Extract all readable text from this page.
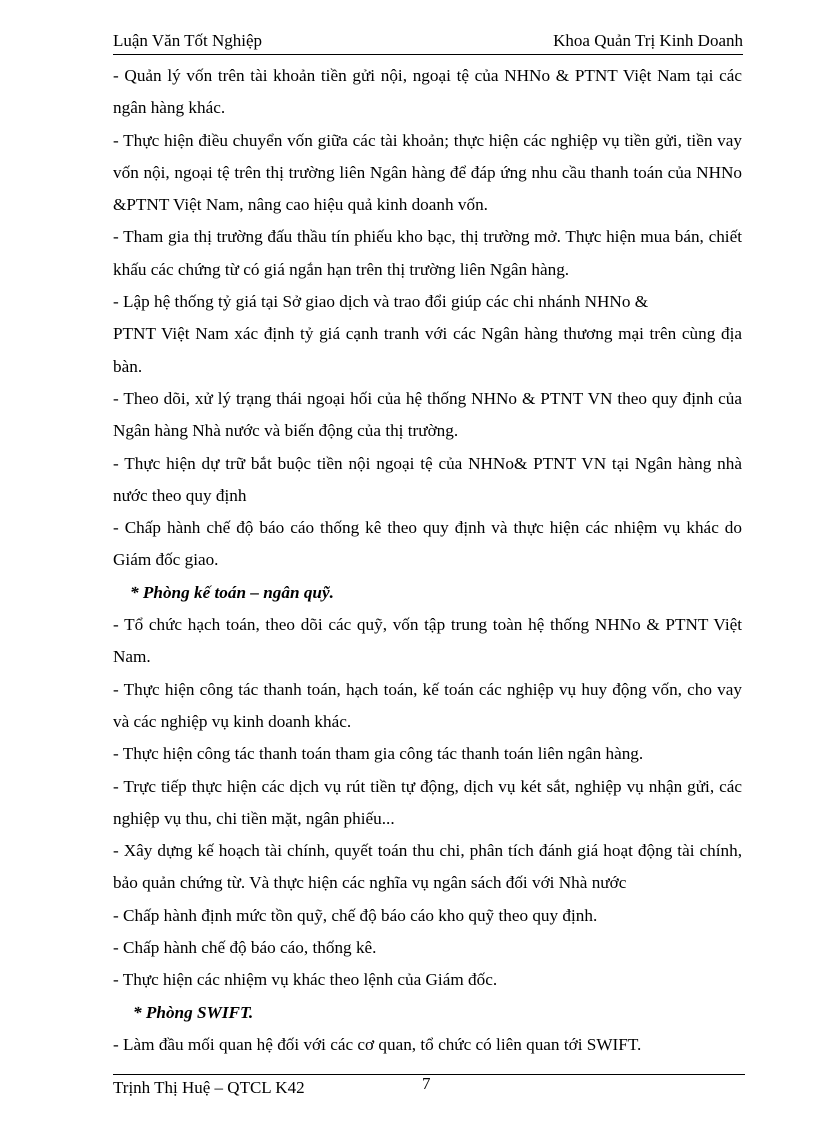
Luận Văn Tốt Nghiệp	Khoa Quản Trị Kinh Doanh

- Quản lý vốn trên tài khoản tiền gửi nội, ngoại tệ của NHNo & PTNT Việt Nam tại các ngân hàng khác.

- Thực hiện điều chuyển vốn giữa các tài khoản; thực hiện các nghiệp vụ tiền gửi, tiền vay vốn nội, ngoại tệ trên thị trường liên Ngân hàng để đáp ứng nhu cầu thanh toán của NHNo &PTNT Việt Nam, nâng cao hiệu quả kinh doanh vốn.

- Tham gia thị trường đấu thầu tín phiếu kho bạc, thị trường mở. Thực hiện mua bán, chiết khấu các chứng từ có giá ngắn hạn trên thị trường liên Ngân hàng.

- Lập hệ thống tỷ giá tại Sở giao dịch và trao đổi giúp các chi nhánh NHNo &

PTNT Việt Nam xác định tỷ giá cạnh tranh với các Ngân hàng thương mại trên cùng địa bàn.

- Theo dõi, xử lý trạng thái ngoại hối của hệ thống NHNo & PTNT VN theo quy định của Ngân hàng Nhà nước và biến động của thị trường.

- Thực hiện dự trữ bắt buộc tiền nội ngoại tệ của NHNo& PTNT VN tại Ngân hàng nhà nước theo quy định

- Chấp hành chế độ báo cáo thống kê theo quy định và thực hiện các nhiệm vụ khác do Giám đốc giao.

* Phòng kế toán – ngân quỹ.

- Tổ chức hạch toán, theo dõi các quỹ, vốn tập trung toàn hệ thống NHNo & PTNT Việt Nam.

- Thực hiện công tác thanh toán, hạch toán, kế toán các nghiệp vụ huy động vốn, cho vay và các nghiệp vụ kinh doanh khác.

- Thực hiện công tác thanh toán tham gia công tác thanh toán liên ngân hàng.

- Trực tiếp thực hiện các dịch vụ rút tiền tự động, dịch vụ két sắt, nghiệp vụ nhận gửi, các nghiệp vụ thu, chi tiền mặt, ngân phiếu...

- Xây dựng kế hoạch tài chính, quyết toán thu chi, phân tích đánh giá hoạt động tài chính, bảo quản chứng từ. Và thực hiện các nghĩa vụ ngân sách đối với Nhà nước

- Chấp hành định mức tồn quỹ, chế độ báo cáo kho quỹ theo quy định.

- Chấp hành chế độ báo cáo, thống kê.

- Thực hiện các nhiệm vụ khác theo lệnh của Giám đốc.

* Phòng SWIFT.

- Làm đầu mối quan hệ đối với các cơ quan, tổ chức có liên quan tới SWIFT.

Trịnh Thị Huệ – QTCL K42	7
